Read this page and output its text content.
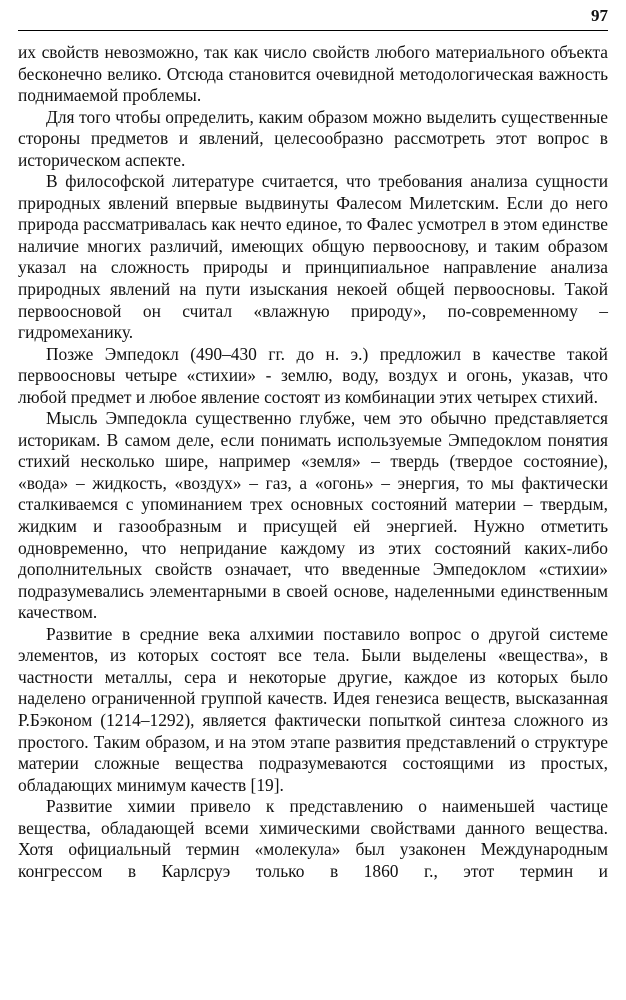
97

их свойств невозможно, так как число свойств любого материального объекта бесконечно велико. Отсюда становится очевидной методологическая важность поднимаемой проблемы.

Для того чтобы определить, каким образом можно выделить существенные стороны предметов и явлений, целесообразно рассмотреть этот вопрос в историческом аспекте.

В философской литературе считается, что требования анализа сущности природных явлений впервые выдвинуты Фалесом Милетским. Если до него природа рассматривалась как нечто единое, то Фалес усмотрел в этом единстве наличие многих различий, имеющих общую первооснову, и таким образом указал на сложность природы и принципиальное направление анализа природных явлений на пути изыскания некоей общей первоосновы. Такой первоосновой он считал «влажную природу», по-современному – гидромеханику.

Позже Эмпедокл (490–430 гг. до н. э.) предложил в качестве такой первоосновы четыре «стихии» - землю, воду, воздух и огонь, указав, что любой предмет и любое явление состоят из комбинации этих четырех стихий.

Мысль Эмпедокла существенно глубже, чем это обычно представляется историкам. В самом деле, если понимать используемые Эмпедоклом понятия стихий несколько шире, например «земля» – твердь (твердое состояние), «вода» – жидкость, «воздух» – газ, а «огонь» – энергия, то мы фактически сталкиваемся с упоминанием трех основных состояний материи – твердым, жидким и газообразным и присущей ей энергией. Нужно отметить одновременно, что непридание каждому из этих состояний каких-либо дополнительных свойств означает, что введенные Эмпедоклом «стихии» подразумевались элементарными в своей основе, наделенными единственным качеством.

Развитие в средние века алхимии поставило вопрос о другой системе элементов, из которых состоят все тела. Были выделены «вещества», в частности металлы, сера и некоторые другие, каждое из которых было наделено ограниченной группой качеств. Идея генезиса веществ, высказанная Р.Бэконом (1214–1292), является фактически попыткой синтеза сложного из простого. Таким образом, и на этом этапе развития представлений о структуре материи сложные вещества подразумеваются состоящими из простых, обладающих минимум качеств [19].

Развитие химии привело к представлению о наименьшей частице вещества, обладающей всеми химическими свойствами данного вещества. Хотя официальный термин «молекула» был узаконен Международным конгрессом в Карлсруэ только в 1860 г., этот термин и
